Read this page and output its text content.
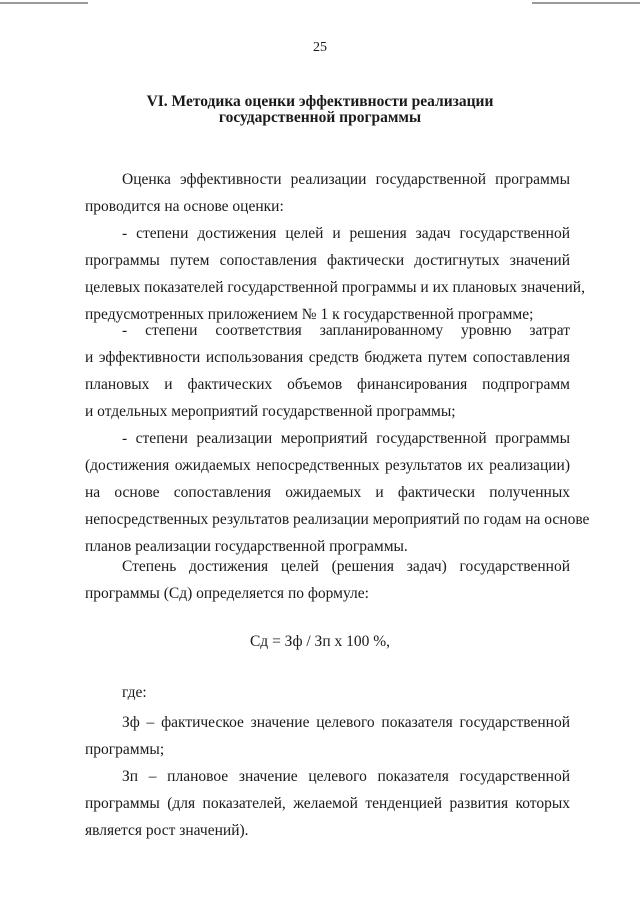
25
VI. Методика оценки эффективности реализации
государственной программы
Оценка эффективности реализации государственной программы
проводится на основе оценки:
- степени достижения целей и решения задач государственной
программы путем сопоставления фактически достигнутых значений
целевых показателей государственной программы и их плановых значений,
предусмотренных приложением № 1 к государственной программе;
- степени соответствия запланированному уровню затрат
и эффективности использования средств бюджета путем сопоставления
плановых и фактических объемов финансирования подпрограмм
и отдельных мероприятий государственной программы;
- степени реализации мероприятий государственной программы
(достижения ожидаемых непосредственных результатов их реализации)
на основе сопоставления ожидаемых и фактически полученных
непосредственных результатов реализации мероприятий по годам на основе
планов реализации государственной программы.
Степень достижения целей (решения задач) государственной
программы (Сд) определяется по формуле:
Сд = Зф / Зп х 100 %,
где:
Зф – фактическое значение целевого показателя государственной
программы;
Зп – плановое значение целевого показателя государственной
программы (для показателей, желаемой тенденцией развития которых
является рост значений).
